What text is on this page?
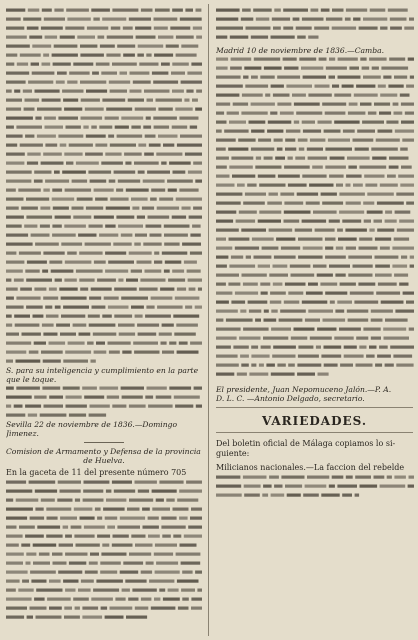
S. para su inteligencia y cumplimiento en la parte
que le toque.
Sevilla 22 de noviembre de 1836.—Domingo
Jimenez.
Comision de Armamento y Defensa de la provincia
de Huelva.
En la gaceta de 11 del presente número 705
Madrid 10 de noviembre de 1836.—Camba.
El presidente, Juan Nepomuceno Jalón.—P. A.
D. L. C. —Antonio Delgado, secretario.
VARIEDADES.
Del boletin oficial de Málaga copiamos lo si-
guiente:
Milicianos nacionales.—La faccion del rebelde
